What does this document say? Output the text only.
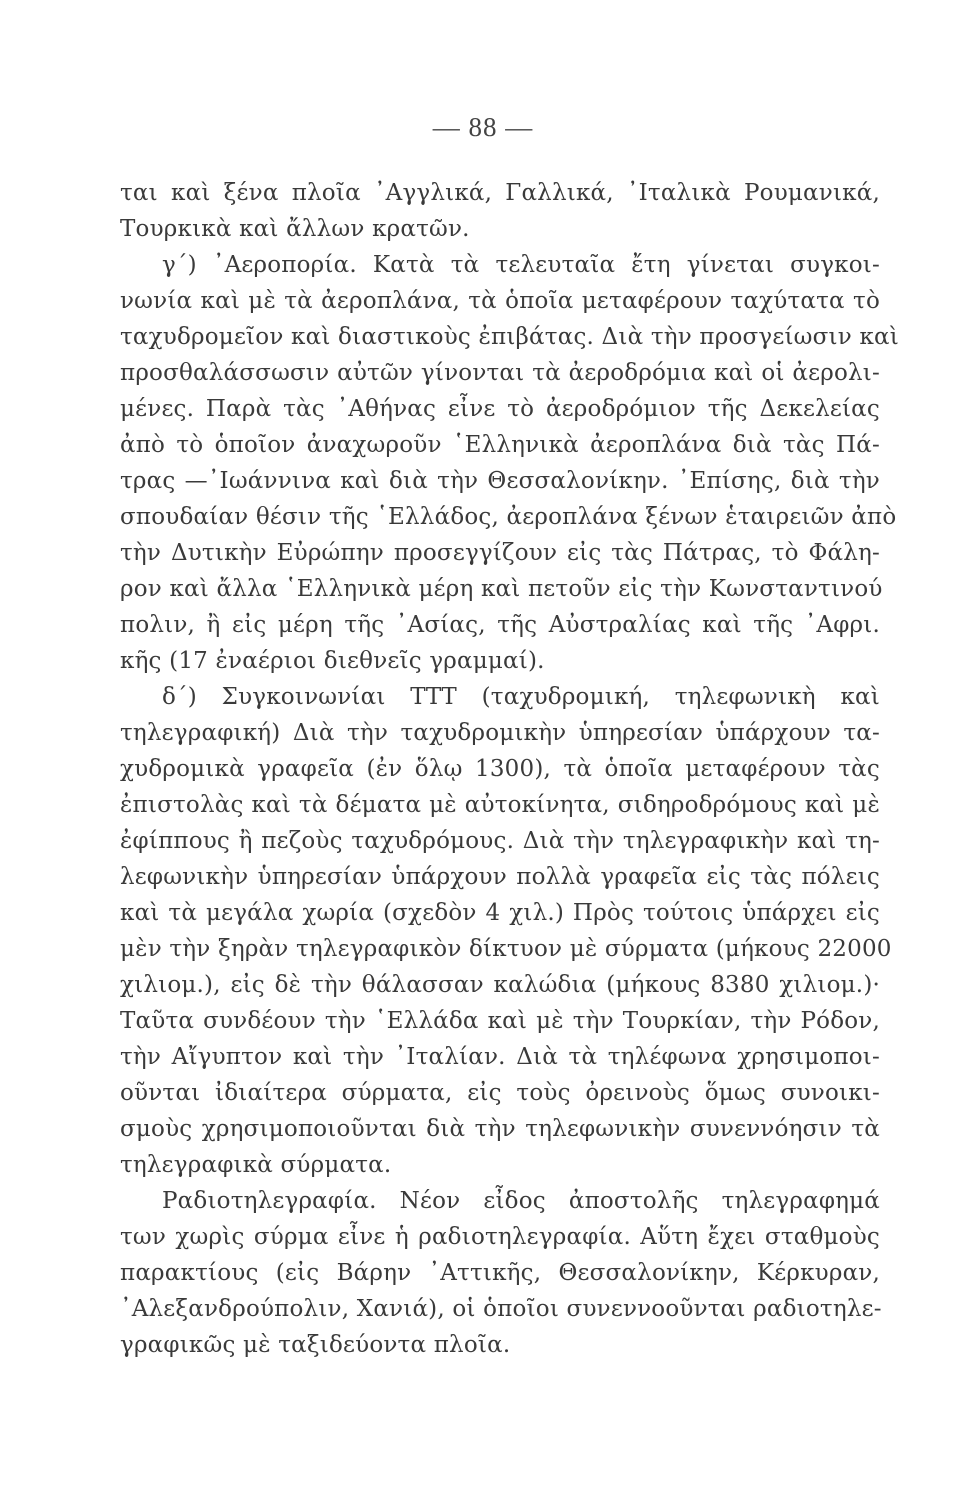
— 88 —
ται καὶ ξένα πλοῖα ᾿Αγγλικά, Γαλλικά, ᾿Ιταλικὰ Ρουμανικά,
Τουρκικὰ καὶ ἄλλων κρατῶν.
γ´) ᾿Αεροπορία. Κατὰ τὰ τελευταῖα ἔτη γίνεται συγκοι-
νωνία καὶ μὲ τὰ ἀεροπλάνα, τὰ ὁποῖα μεταφέρουν ταχύτατα τὸ
ταχυδρομεῖον καὶ διαστικοὺς ἐπιβάτας. Διὰ τὴν προσγείωσιν καὶ
προσθαλάσσωσιν αὐτῶν γίνονται τὰ ἀεροδρόμια καὶ οἱ ἀερολι-
μένες. Παρὰ τὰς ᾿Αθήνας εἶνε τὸ ἀεροδρόμιον τῆς Δεκελείας
ἀπὸ τὸ ὁποῖον ἀναχωροῦν ῾Ελληνικὰ ἀεροπλάνα διὰ τὰς Πά-
τρας —᾿Ιωάννινα καὶ διὰ τὴν Θεσσαλονίκην. ᾿Επίσης, διὰ τὴν
σπουδαίαν θέσιν τῆς ῾Ελλάδος, ἀεροπλάνα ξένων ἑταιρειῶν ἀπὸ
τὴν Δυτικὴν Εὐρώπην προσεγγίζουν εἰς τὰς Πάτρας, τὸ Φάλη-
ρον καὶ ἄλλα ῾Ελληνικὰ μέρη καὶ πετοῦν εἰς τὴν Κωνσταντινού
πολιν, ἢ εἰς μέρη τῆς ᾿Ασίας, τῆς Αὐστραλίας καὶ τῆς ᾿Αφρι.
κῆς (17 ἐναέριοι διεθνεῖς γραμμαί).
δ´) Συγκοινωνίαι ΤΤΤ (ταχυδρομική, τηλεφωνικὴ καὶ
τηλεγραφική) Διὰ τὴν ταχυδρομικὴν ὑπηρεσίαν ὑπάρχουν τα-
χυδρομικὰ γραφεῖα (ἐν ὅλῳ 1300), τὰ ὁποῖα μεταφέρουν τὰς
ἐπιστολὰς καὶ τὰ δέματα μὲ αὐτοκίνητα, σιδηροδρόμους καὶ μὲ
ἐφίππους ἢ πεζοὺς ταχυδρόμους. Διὰ τὴν τηλεγραφικὴν καὶ τη-
λεφωνικὴν ὑπηρεσίαν ὑπάρχουν πολλὰ γραφεῖα εἰς τὰς πόλεις
καὶ τὰ μεγάλα χωρία (σχεδὸν 4 χιλ.) Πρὸς τούτοις ὑπάρχει εἰς
μὲν τὴν ξηρὰν τηλεγραφικὸν δίκτυον μὲ σύρματα (μήκους 22000
χιλιομ.), εἰς δὲ τὴν θάλασσαν καλώδια (μήκους 8380 χιλιομ.)·
Ταῦτα συνδέουν τὴν ῾Ελλάδα καὶ μὲ τὴν Τουρκίαν, τὴν Ρόδον,
τὴν Αἴγυπτον καὶ τὴν ᾿Ιταλίαν. Διὰ τὰ τηλέφωνα χρησιμοποι-
οῦνται ἰδιαίτερα σύρματα, εἰς τοὺς ὀρεινοὺς ὅμως συνοικι-
σμοὺς χρησιμοποιοῦνται διὰ τὴν τηλεφωνικὴν συνεννόησιν τὰ
τηλεγραφικὰ σύρματα.
Ραδιοτηλεγραφία. Νέον εἶδος ἀποστολῆς τηλεγραφημά
των χωρὶς σύρμα εἶνε ἡ ραδιοτηλεγραφία. Αὕτη ἔχει σταθμοὺς
παρακτίους (εἰς Βάρην ᾿Αττικῆς, Θεσσαλονίκην, Κέρκυραν,
᾿Αλεξανδρούπολιν, Χανιά), οἱ ὁποῖοι συνεννοοῦνται ραδιοτηλε-
γραφικῶς μὲ ταξιδεύοντα πλοῖα.
